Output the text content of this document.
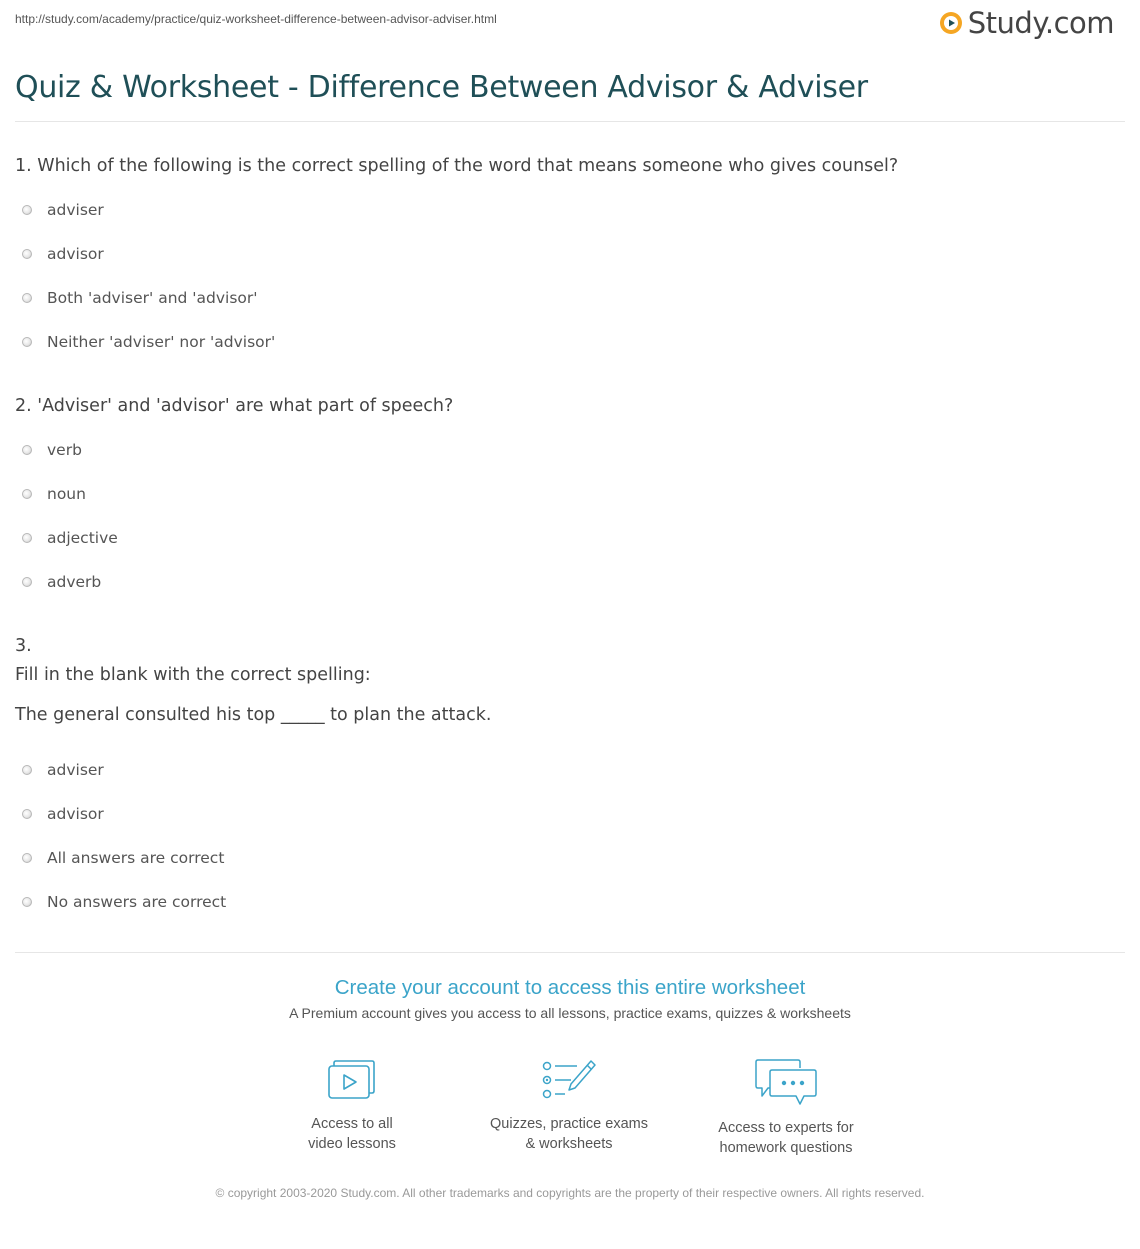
http://study.com/academy/practice/quiz-worksheet-difference-between-advisor-adviser.html	Study.com
Quiz & Worksheet - Difference Between Advisor & Adviser
1. Which of the following is the correct spelling of the word that means someone who gives counsel?
adviser
advisor
Both 'adviser' and 'advisor'
Neither 'adviser' nor 'advisor'
2. 'Adviser' and 'advisor' are what part of speech?
verb
noun
adjective
adverb
3.
Fill in the blank with the correct spelling:
The general consulted his top _____ to plan the attack.
adviser
advisor
All answers are correct
No answers are correct
Create your account to access this entire worksheet
A Premium account gives you access to all lessons, practice exams, quizzes & worksheets
Access to all
video lessons
Quizzes, practice exams
& worksheets
Access to experts for
homework questions
© copyright 2003-2020 Study.com. All other trademarks and copyrights are the property of their respective owners. All rights reserved.
